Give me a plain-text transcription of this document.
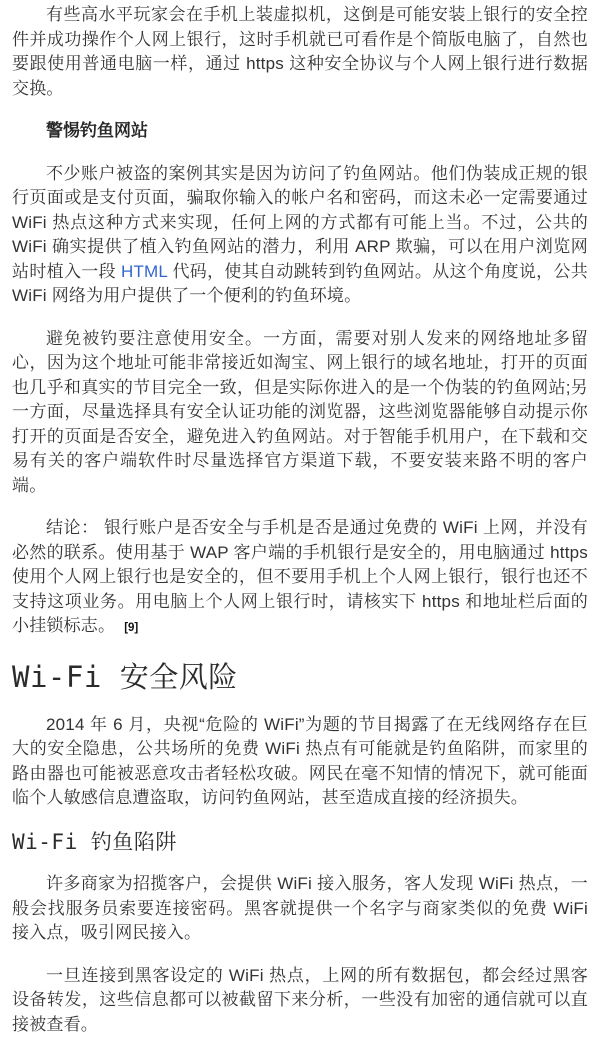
有些高水平玩家会在手机上装虚拟机，这倒是可能安装上银行的安全控件并成功操作个人网上银行，这时手机就已可看作是个简版电脑了，自然也要跟使用普通电脑一样，通过 https 这种安全协议与个人网上银行进行数据交换。

警惕钓鱼网站

不少账户被盗的案例其实是因为访问了钓鱼网站。他们伪装成正规的银行页面或是支付页面，骗取你输入的帐户名和密码，而这未必一定需要通过 WiFi 热点这种方式来实现，任何上网的方式都有可能上当。不过，公共的 WiFi 确实提供了植入钓鱼网站的潜力，利用 ARP 欺骗，可以在用户浏览网站时植入一段 HTML 代码，使其自动跳转到钓鱼网站。从这个角度说，公共 WiFi 网络为用户提供了一个便利的钓鱼环境。

避免被钓要注意使用安全。一方面，需要对别人发来的网络地址多留心，因为这个地址可能非常接近如淘宝、网上银行的域名地址，打开的页面也几乎和真实的节目完全一致，但是实际你进入的是一个伪装的钓鱼网站;另一方面，尽量选择具有安全认证功能的浏览器，这些浏览器能够自动提示你打开的页面是否安全，避免进入钓鱼网站。对于智能手机用户，在下载和交易有关的客户端软件时尽量选择官方渠道下载，不要安装来路不明的客户端。

结论： 银行账户是否安全与手机是否是通过免费的 WiFi 上网，并没有必然的联系。使用基于 WAP 客户端的手机银行是安全的，用电脑通过 https 使用个人网上银行也是安全的，但不要用手机上个人网上银行，银行也还不支持这项业务。用电脑上个人网上银行时，请核实下 https 和地址栏后面的小挂锁标志。 [9]

Wi-Fi 安全风险

2014 年 6 月，央视“危险的 WiFi”为题的节目揭露了在无线网络存在巨大的安全隐患，公共场所的免费 WiFi 热点有可能就是钓鱼陷阱，而家里的路由器也可能被恶意攻击者轻松攻破。网民在毫不知情的情况下，就可能面临个人敏感信息遭盗取，访问钓鱼网站，甚至造成直接的经济损失。

Wi-Fi 钓鱼陷阱

许多商家为招揽客户，会提供 WiFi 接入服务，客人发现 WiFi 热点，一般会找服务员索要连接密码。黑客就提供一个名字与商家类似的免费 WiFi 接入点，吸引网民接入。

一旦连接到黑客设定的 WiFi 热点，上网的所有数据包，都会经过黑客设备转发，这些信息都可以被截留下来分析，一些没有加密的通信就可以直接被查看。
